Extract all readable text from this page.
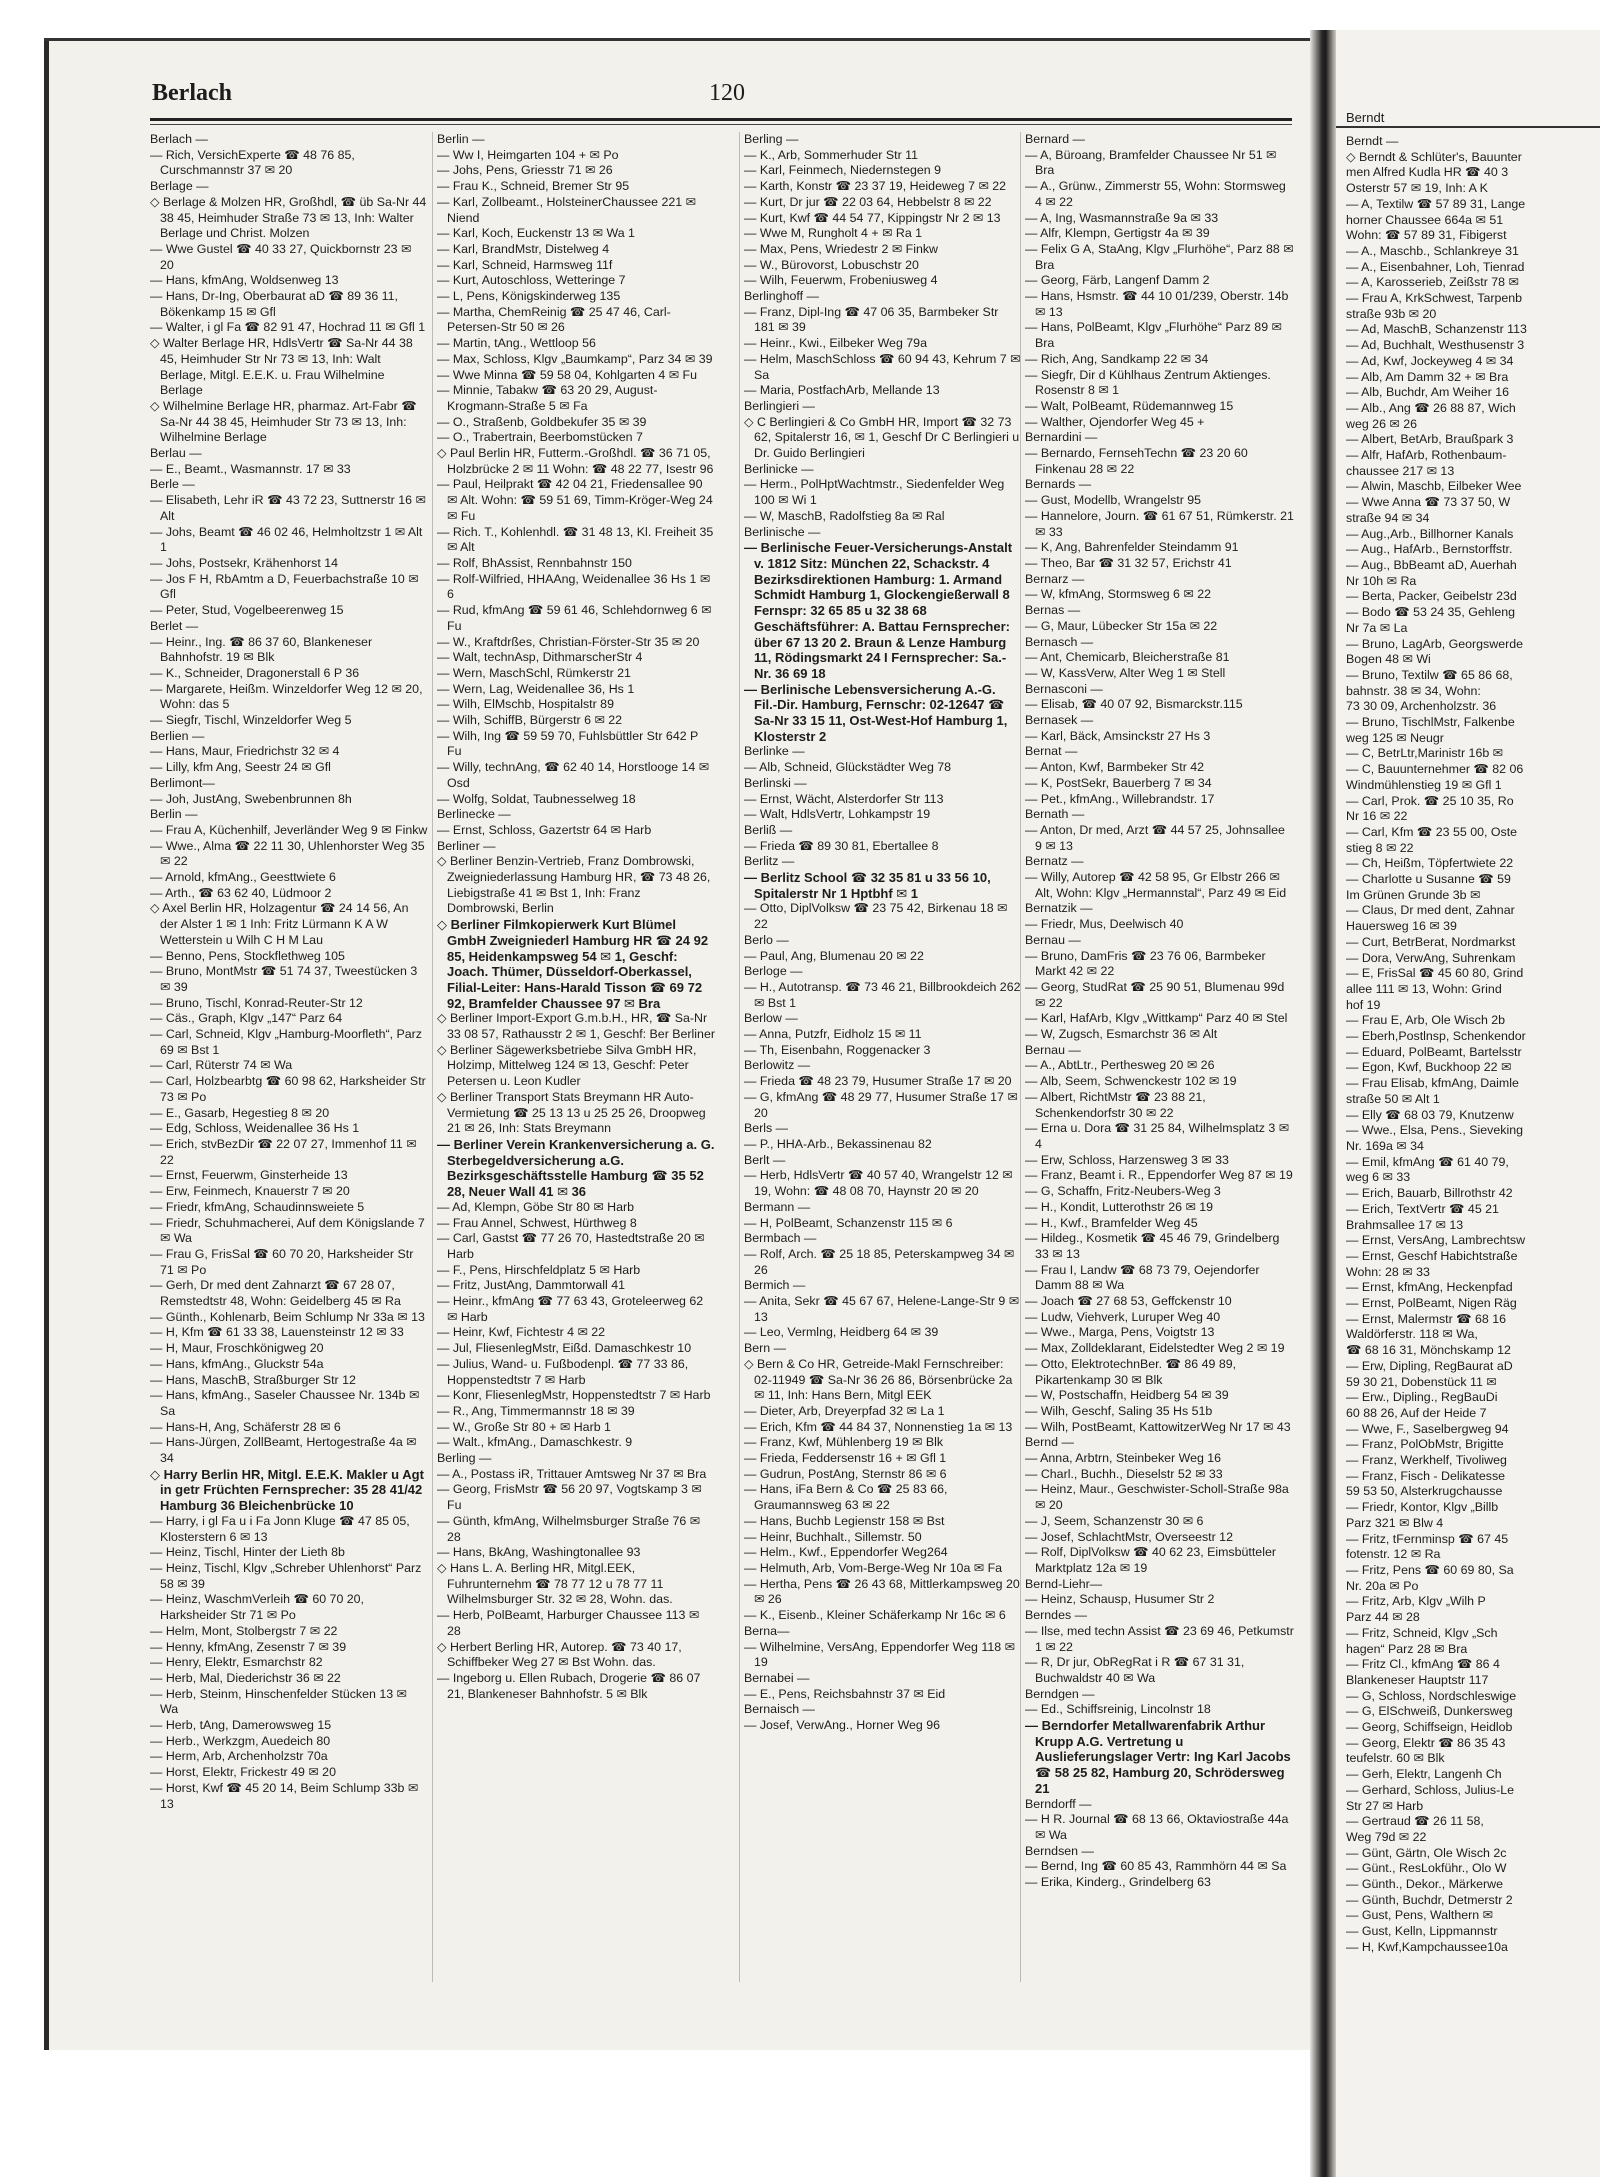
Berlach	120

Berlach —

— Rich, VersichExperte ☎ 48 76 85, Curschmannstr 37 ✉ 20

Berlage —

◇ Berlage & Molzen HR, Großhdl, ☎ üb Sa-Nr 44 38 45, Heimhuder Straße 73 ✉ 13, Inh: Walter Berlage und Christ. Molzen

— Wwe Gustel ☎ 40 33 27, Quickbornstr 23 ✉ 20

— Hans, kfmAng, Woldsenweg 13

— Hans, Dr-Ing, Oberbaurat aD ☎ 89 36 11, Bökenkamp 15 ✉ Gfl

— Walter, i gl Fa ☎ 82 91 47, Hochrad 11 ✉ Gfl 1

◇ Walter Berlage HR, HdlsVertr ☎ Sa-Nr 44 38 45, Heimhuder Str Nr 73 ✉ 13, Inh: Walt Berlage, Mitgl. E.E.K. u. Frau Wilhelmine Berlage

◇ Wilhelmine Berlage HR, pharmaz. Art-Fabr ☎ Sa-Nr 44 38 45, Heimhuder Str 73 ✉ 13, Inh: Wilhelmine Berlage

Berlau —

— E., Beamt., Wasmannstr. 17 ✉ 33

Berle —

— Elisabeth, Lehr iR ☎ 43 72 23, Suttnerstr 16 ✉ Alt

— Johs, Beamt ☎ 46 02 46, Helmholtzstr 1 ✉ Alt 1

— Johs, Postsekr, Krähenhorst 14

— Jos F H, RbAmtm a D, Feuerbachstraße 10 ✉ Gfl

— Peter, Stud, Vogelbeerenweg 15

Berlet —

— Heinr., Ing. ☎ 86 37 60, Blankeneser Bahnhofstr. 19 ✉ Blk

— K., Schneider, Dragonerstall 6 P 36

— Margarete, Heißm. Winzeldorfer Weg 12 ✉ 20, Wohn: das 5

— Siegfr, Tischl, Winzeldorfer Weg 5

Berlien —

— Hans, Maur, Friedrichstr 32 ✉ 4

— Lilly, kfm Ang, Seestr 24 ✉ Gfl

Berlimont—

— Joh, JustAng, Swebenbrunnen 8h

Berlin —

— Frau A, Küchenhilf, Jeverländer Weg 9 ✉ Finkw

— Wwe., Alma ☎ 22 11 30, Uhlenhorster Weg 35 ✉ 22

— Arnold, kfmAng., Geesttwiete 6

— Arth., ☎ 63 62 40, Lüdmoor 2

◇ Axel Berlin HR, Holzagentur ☎ 24 14 56, An der Alster 1 ✉ 1 Inh: Fritz Lürmann K A W Wetterstein u Wilh C H M Lau

— Benno, Pens, Stockflethweg 105

— Bruno, MontMstr ☎ 51 74 37, Tweestücken 3 ✉ 39

— Bruno, Tischl, Konrad-Reuter-Str 12

— Cäs., Graph, Klgv „147“ Parz 64

— Carl, Schneid, Klgv „Hamburg-Moorfleth“, Parz 69 ✉ Bst 1

— Carl, Rüterstr 74 ✉ Wa

— Carl, Holzbearbtg ☎ 60 98 62, Harksheider Str 73 ✉ Po

— E., Gasarb, Hegestieg 8 ✉ 20

— Edg, Schloss, Weidenallee 36 Hs 1

— Erich, stvBezDir ☎ 22 07 27, Immenhof 11 ✉ 22

— Ernst, Feuerwm, Ginsterheide 13

— Erw, Feinmech, Knauerstr 7 ✉ 20

— Friedr, kfmAng, Schaudinnsweiete 5

— Friedr, Schuhmacherei, Auf dem Königslande 7 ✉ Wa

— Frau G, FrisSal ☎ 60 70 20, Harksheider Str 71 ✉ Po

— Gerh, Dr med dent Zahnarzt ☎ 67 28 07, Remstedtstr 48, Wohn: Geidelberg 45 ✉ Ra

— Günth., Kohlenarb, Beim Schlump Nr 33a ✉ 13

— H, Kfm ☎ 61 33 38, Lauensteinstr 12 ✉ 33

— H, Maur, Froschkönigweg 20

— Hans, kfmAng., Gluckstr 54a

— Hans, MaschB, Straßburger Str 12

— Hans, kfmAng., Saseler Chaussee Nr. 134b ✉ Sa

— Hans-H, Ang, Schäferstr 28 ✉ 6

— Hans-Jürgen, ZollBeamt, Hertogestraße 4a ✉ 34

◇ Harry Berlin HR, Mitgl. E.E.K. Makler u Agt in getr Früchten Fernsprecher: 35 28 41/42 Hamburg 36 Bleichenbrücke 10

— Harry, i gl Fa u i Fa Jonn Kluge ☎ 47 85 05, Klosterstern 6 ✉ 13

— Heinz, Tischl, Hinter der Lieth 8b

— Heinz, Tischl, Klgv „Schreber Uhlenhorst“ Parz 58 ✉ 39

— Heinz, WaschmVerleih ☎ 60 70 20, Harksheider Str 71 ✉ Po

— Helm, Mont, Stolbergstr 7 ✉ 22

— Henny, kfmAng, Zesenstr 7 ✉ 39

— Henry, Elektr, Esmarchstr 82

— Herb, Mal, Diederichstr 36 ✉ 22

— Herb, Steinm, Hinschenfelder Stücken 13 ✉ Wa

— Herb, tAng, Damerowsweg 15

— Herb., Werkzgm, Auedeich 80

— Herm, Arb, Archenholzstr 70a

— Horst, Elektr, Frickestr 49 ✉ 20

— Horst, Kwf ☎ 45 20 14, Beim Schlump 33b ✉ 13

Berlin —

— Ww I, Heimgarten 104 + ✉ Po

— Johs, Pens, Griesstr 71 ✉ 26

— Frau K., Schneid, Bremer Str 95

— Karl, Zollbeamt., HolsteinerChaussee 221 ✉ Niend

— Karl, Koch, Euckenstr 13 ✉ Wa 1

— Karl, BrandMstr, Distelweg 4

— Karl, Schneid, Harmsweg 11f

— Kurt, Autoschloss, Wetteringe 7

— L, Pens, Königskinderweg 135

— Martha, ChemReinig ☎ 25 47 46, Carl-Petersen-Str 50 ✉ 26

— Martin, tAng., Wettloop 56

— Max, Schloss, Klgv „Baumkamp“, Parz 34 ✉ 39

— Wwe Minna ☎ 59 58 04, Kohlgarten 4 ✉ Fu

— Minnie, Tabakw ☎ 63 20 29, August-Krogmann-Straße 5 ✉ Fa

— O., Straßenb, Goldbekufer 35 ✉ 39

— O., Trabertrain, Beerbomstücken 7

◇ Paul Berlin HR, Futterm.-Großhdl. ☎ 36 71 05, Holzbrücke 2 ✉ 11 Wohn: ☎ 48 22 77, Isestr 96

— Paul, Heilprakt ☎ 42 04 21, Friedensallee 90 ✉ Alt. Wohn: ☎ 59 51 69, Timm-Kröger-Weg 24 ✉ Fu

— Rich. T., Kohlenhdl. ☎ 31 48 13, Kl. Freiheit 35 ✉ Alt

— Rolf, BhAssist, Rennbahnstr 150

— Rolf-Wilfried, HHAAng, Weidenallee 36 Hs 1 ✉ 6

— Rud, kfmAng ☎ 59 61 46, Schlehdornweg 6 ✉ Fu

— W., Kraftdrßes, Christian-Förster-Str 35 ✉ 20

— Walt, technAsp, DithmarscherStr 4

— Wern, MaschSchl, Rümkerstr 21

— Wern, Lag, Weidenallee 36, Hs 1

— Wilh, ElMschb, Hospitalstr 89

— Wilh, SchiffB, Bürgerstr 6 ✉ 22

— Wilh, Ing ☎ 59 59 70, Fuhlsbüttler Str 642 P Fu

— Willy, technAng, ☎ 62 40 14, Horstlooge 14 ✉ Osd

— Wolfg, Soldat, Taubnesselweg 18

Berlinecke —

— Ernst, Schloss, Gazertstr 64 ✉ Harb

Berliner —

◇ Berliner Benzin-Vertrieb, Franz Dombrowski, Zweigniederlassung Hamburg HR, ☎ 73 48 26, Liebigstraße 41 ✉ Bst 1, Inh: Franz Dombrowski, Berlin

◇ Berliner Filmkopierwerk Kurt Blümel GmbH Zweigniederl Hamburg HR ☎ 24 92 85, Heidenkampsweg 54 ✉ 1, Geschf: Joach. Thümer, Düsseldorf-Oberkassel, Filial-Leiter: Hans-Harald Tisson ☎ 69 72 92, Bramfelder Chaussee 97 ✉ Bra

◇ Berliner Import-Export G.m.b.H., HR, ☎ Sa-Nr 33 08 57, Rathausstr 2 ✉ 1, Geschf: Ber Berliner

◇ Berliner Sägewerksbetriebe Silva GmbH HR, Holzimp, Mittelweg 124 ✉ 13, Geschf: Peter Petersen u. Leon Kudler

◇ Berliner Transport Stats Breymann HR Auto-Vermietung ☎ 25 13 13 u 25 25 26, Droopweg 21 ✉ 26, Inh: Stats Breymann

— Berliner Verein Krankenversicherung a. G. Sterbegeldversicherung a.G. Bezirksgeschäftsstelle Hamburg ☎ 35 52 28, Neuer Wall 41 ✉ 36

— Ad, Klempn, Göbe Str 80 ✉ Harb

— Frau Annel, Schwest, Hürthweg 8

— Carl, Gastst ☎ 77 26 70, Hastedtstraße 20 ✉ Harb

— F., Pens, Hirschfeldplatz 5 ✉ Harb

— Fritz, JustAng, Dammtorwall 41

— Heinr., kfmAng ☎ 77 63 43, Groteleerweg 62 ✉ Harb

— Heinr, Kwf, Fichtestr 4 ✉ 22

— Jul, FliesenlegMstr, Eißd. Damaschkestr 10

— Julius, Wand- u. Fußbodenpl. ☎ 77 33 86, Hoppenstedtstr 7 ✉ Harb

— Konr, FliesenlegMstr, Hoppenstedtstr 7 ✉ Harb

— R., Ang, Timmermannstr 18 ✉ 39

— W., Große Str 80 + ✉ Harb 1

— Walt., kfmAng., Damaschkestr. 9

Berling —

— A., Postass iR, Trittauer Amtsweg Nr 37 ✉ Bra

— Georg, FrisMstr ☎ 56 20 97, Vogtskamp 3 ✉ Fu

— Günth, kfmAng, Wilhelmsburger Straße 76 ✉ 28

— Hans, BkAng, Washingtonallee 93

◇ Hans L. A. Berling HR, Mitgl.EEK, Fuhrunternehm ☎ 78 77 12 u 78 77 11 Wilhelmsburger Str. 32 ✉ 28, Wohn. das.

— Herb, PolBeamt, Harburger Chaussee 113 ✉ 28

◇ Herbert Berling HR, Autorep. ☎ 73 40 17, Schiffbeker Weg 27 ✉ Bst Wohn. das.

— Ingeborg u. Ellen Rubach, Drogerie ☎ 86 07 21, Blankeneser Bahnhofstr. 5 ✉ Blk

Berling —

— K., Arb, Sommerhuder Str 11

— Karl, Feinmech, Niedernstegen 9

— Karth, Konstr ☎ 23 37 19, Heideweg 7 ✉ 22

— Kurt, Dr jur ☎ 22 03 64, Hebbelstr 8 ✉ 22

— Kurt, Kwf ☎ 44 54 77, Kippingstr Nr 2 ✉ 13

— Wwe M, Rungholt 4 + ✉ Ra 1

— Max, Pens, Wriedestr 2 ✉ Finkw

— W., Bürovorst, Lobuschstr 20

— Wilh, Feuerwm, Frobeniusweg 4

Berlinghoff —

— Franz, Dipl-Ing ☎ 47 06 35, Barmbeker Str 181 ✉ 39

— Heinr., Kwi., Eilbeker Weg 79a

— Helm, MaschSchloss ☎ 60 94 43, Kehrum 7 ✉ Sa

— Maria, PostfachArb, Mellande 13

Berlingieri —

◇ C Berlingieri & Co GmbH HR, Import ☎ 32 73 62, Spitalerstr 16, ✉ 1, Geschf Dr C Berlingieri u Dr. Guido Berlingieri

Berlinicke —

— Herm., PolHptWachtmstr., Siedenfelder Weg 100 ✉ Wi 1

— W, MaschB, Radolfstieg 8a ✉ Ral

Berlinische —

— Berlinische Feuer-Versicherungs-Anstalt v. 1812 Sitz: München 22, Schackstr. 4 Bezirksdirektionen Hamburg: 1. Armand Schmidt Hamburg 1, Glockengießerwall 8 Fernspr: 32 65 85 u 32 38 68 Geschäftsführer: A. Battau Fernsprecher: über 67 13 20 2. Braun & Lenze Hamburg 11, Rödingsmarkt 24 I Fernsprecher: Sa.-Nr. 36 69 18

— Berlinische Lebensversicherung A.-G. Fil.-Dir. Hamburg, Fernschr: 02-12647 ☎ Sa-Nr 33 15 11, Ost-West-Hof Hamburg 1, Klosterstr 2

Berlinke —

— Alb, Schneid, Glückstädter Weg 78

Berlinski —

— Ernst, Wächt, Alsterdorfer Str 113

— Walt, HdlsVertr, Lohkampstr 19

Berliß —

— Frieda ☎ 89 30 81, Ebertallee 8

Berlitz —

— Berlitz School ☎ 32 35 81 u 33 56 10, Spitalerstr Nr 1 Hptbhf ✉ 1

— Otto, DiplVolksw ☎ 23 75 42, Birkenau 18 ✉ 22

Berlo —

— Paul, Ang, Blumenau 20 ✉ 22

Berloge —

— H., Autotransp. ☎ 73 46 21, Billbrookdeich 262 ✉ Bst 1

Berlow —

— Anna, Putzfr, Eidholz 15 ✉ 11

— Th, Eisenbahn, Roggenacker 3

Berlowitz —

— Frieda ☎ 48 23 79, Husumer Straße 17 ✉ 20

— G, kfmAng ☎ 48 29 77, Husumer Straße 17 ✉ 20

Berls —

— P., HHA-Arb., Bekassinenau 82

Berlt —

— Herb, HdlsVertr ☎ 40 57 40, Wrangelstr 12 ✉ 19, Wohn: ☎ 48 08 70, Haynstr 20 ✉ 20

Bermann —

— H, PolBeamt, Schanzenstr 115 ✉ 6

Bermbach —

— Rolf, Arch. ☎ 25 18 85, Peterskampweg 34 ✉ 26

Bermich —

— Anita, Sekr ☎ 45 67 67, Helene-Lange-Str 9 ✉ 13

— Leo, Vermlng, Heidberg 64 ✉ 39

Bern —

◇ Bern & Co HR, Getreide-Makl Fernschreiber: 02-11949 ☎ Sa-Nr 36 26 86, Börsenbrücke 2a ✉ 11, Inh: Hans Bern, Mitgl EEK

— Dieter, Arb, Dreyerpfad 32 ✉ La 1

— Erich, Kfm ☎ 44 84 37, Nonnenstieg 1a ✉ 13

— Franz, Kwf, Mühlenberg 19 ✉ Blk

— Frieda, Feddersenstr 16 + ✉ Gfl 1

— Gudrun, PostAng, Sternstr 86 ✉ 6

— Hans, iFa Bern & Co ☎ 25 83 66, Graumannsweg 63 ✉ 22

— Hans, Buchb Legienstr 158 ✉ Bst

— Heinr, Buchhalt., Sillemstr. 50

— Helm., Kwf., Eppendorfer Weg264

— Helmuth, Arb, Vom-Berge-Weg Nr 10a ✉ Fa

— Hertha, Pens ☎ 26 43 68, Mittlerkampsweg 20 ✉ 26

— K., Eisenb., Kleiner Schäferkamp Nr 16c ✉ 6

Berna—

— Wilhelmine, VersAng, Eppendorfer Weg 118 ✉ 19

Bernabei —

— E., Pens, Reichsbahnstr 37 ✉ Eid

Bernaisch —

— Josef, VerwAng., Horner Weg 96

Bernard —

— A, Büroang, Bramfelder Chaussee Nr 51 ✉ Bra

— A., Grünw., Zimmerstr 55, Wohn: Stormsweg 4 ✉ 22

— A, Ing, Wasmannstraße 9a ✉ 33

— Alfr, Klempn, Gertigstr 4a ✉ 39

— Felix G A, StaAng, Klgv „Flurhöhe“, Parz 88 ✉ Bra

— Georg, Färb, Langenf Damm 2

— Hans, Hsmstr. ☎ 44 10 01/239, Oberstr. 14b ✉ 13

— Hans, PolBeamt, Klgv „Flurhöhe“ Parz 89 ✉ Bra

— Rich, Ang, Sandkamp 22 ✉ 34

— Siegfr, Dir d Kühlhaus Zentrum Aktienges. Rosenstr 8 ✉ 1

— Walt, PolBeamt, Rüdemannweg 15

— Walther, Ojendorfer Weg 45 +

Bernardini —

— Bernardo, FernsehTechn ☎ 23 20 60 Finkenau 28 ✉ 22

Bernards —

— Gust, Modellb, Wrangelstr 95

— Hannelore, Journ. ☎ 61 67 51, Rümkerstr. 21 ✉ 33

— K, Ang, Bahrenfelder Steindamm 91

— Theo, Bar ☎ 31 32 57, Erichstr 41

Bernarz —

— W, kfmAng, Stormsweg 6 ✉ 22

Bernas —

— G, Maur, Lübecker Str 15a ✉ 22

Bernasch —

— Ant, Chemicarb, Bleicherstraße 81

— W, KassVerw, Alter Weg 1 ✉ Stell

Bernasconi —

— Elisab, ☎ 40 07 92, Bismarckstr.115

Bernasek —

— Karl, Bäck, Amsinckstr 27 Hs 3

Bernat —

— Anton, Kwf, Barmbeker Str 42

— K, PostSekr, Bauerberg 7 ✉ 34

— Pet., kfmAng., Willebrandstr. 17

Bernath —

— Anton, Dr med, Arzt ☎ 44 57 25, Johnsallee 9 ✉ 13

Bernatz —

— Willy, Autorep ☎ 42 58 95, Gr Elbstr 266 ✉ Alt, Wohn: Klgv „Hermannstal“, Parz 49 ✉ Eid

Bernatzik —

— Friedr, Mus, Deelwisch 40

Bernau —

— Bruno, DamFris ☎ 23 76 06, Barmbeker Markt 42 ✉ 22

— Georg, StudRat ☎ 25 90 51, Blumenau 99d ✉ 22

— Karl, HafArb, Klgv „Wittkamp“ Parz 40 ✉ Stel

— W, Zugsch, Esmarchstr 36 ✉ Alt

Bernau —

— A., AbtLtr., Perthesweg 20 ✉ 26

— Alb, Seem, Schwenckestr 102 ✉ 19

— Albert, RichtMstr ☎ 23 88 21, Schenkendorfstr 30 ✉ 22

— Erna u. Dora ☎ 31 25 84, Wilhelmsplatz 3 ✉ 4

— Erw, Schloss, Harzensweg 3 ✉ 33

— Franz, Beamt i. R., Eppendorfer Weg 87 ✉ 19

— G, Schaffn, Fritz-Neubers-Weg 3

— H., Kondit, Lutterothstr 26 ✉ 19

— H., Kwf., Bramfelder Weg 45

— Hildeg., Kosmetik ☎ 45 46 79, Grindelberg 33 ✉ 13

— Frau I, Landw ☎ 68 73 79, Oejendorfer Damm 88 ✉ Wa

— Joach ☎ 27 68 53, Geffckenstr 10

— Ludw, Viehverk, Luruper Weg 40

— Wwe., Marga, Pens, Voigtstr 13

— Max, Zolldeklarant, Eidelstedter Weg 2 ✉ 19

— Otto, ElektrotechnBer. ☎ 86 49 89, Pikartenkamp 30 ✉ Blk

— W, Postschaffn, Heidberg 54 ✉ 39

— Wilh, Geschf, Saling 35 Hs 51b

— Wilh, PostBeamt, KattowitzerWeg Nr 17 ✉ 43

Bernd —

— Anna, Arbtrn, Steinbeker Weg 16

— Charl., Buchh., Dieselstr 52 ✉ 33

— Heinz, Maur., Geschwister-Scholl-Straße 98a ✉ 20

— J, Seem, Schanzenstr 30 ✉ 6

— Josef, SchlachtMstr, Overseestr 12

— Rolf, DiplVolksw ☎ 40 62 23, Eimsbütteler Marktplatz 12a ✉ 19

Bernd-Liehr—

— Heinz, Schausp, Husumer Str 2

Berndes —

— Ilse, med techn Assist ☎ 23 69 46, Petkumstr 1 ✉ 22

— R, Dr jur, ObRegRat i R ☎ 67 31 31, Buchwaldstr 40 ✉ Wa

Berndgen —

— Ed., Schiffsreinig, Lincolnstr 18

— Berndorfer Metallwarenfabrik Arthur Krupp A.G. Vertretung u Auslieferungslager Vertr: Ing Karl Jacobs ☎ 58 25 82, Hamburg 20, Schrödersweg 21

Berndorff —

— H R. Journal ☎ 68 13 66, Oktaviostraße 44a ✉ Wa

Berndsen —

— Bernd, Ing ☎ 60 85 43, Rammhörn 44 ✉ Sa

— Erika, Kinderg., Grindelberg 63

Berndt

Berndt —

◇ Berndt & Schlüter's, Bauunter

men Alfred Kudla HR ☎ 40 3

Osterstr 57 ✉ 19, Inh: A K

— A, Textilw ☎ 57 89 31, Lange

horner Chaussee 664a ✉ 51

Wohn: ☎ 57 89 31, Fibigerst

— A., Maschb., Schlankreye 31

— A., Eisenbahner, Loh, Tienrad

— A, Karosserieb, Zeißstr 78 ✉

— Frau A, KrkSchwest, Tarpenb

straße 93b ✉ 20

— Ad, MaschB, Schanzenstr 113

— Ad, Buchhalt, Westhusenstr 3

— Ad, Kwf, Jockeyweg 4 ✉ 34

— Alb, Am Damm 32 + ✉ Bra

— Alb, Buchdr, Am Weiher 16

— Alb., Ang ☎ 26 88 87, Wich

weg 26 ✉ 26

— Albert, BetArb, Braußpark 3

— Alfr, HafArb, Rothenbaum-

chaussee 217 ✉ 13

— Alwin, Maschb, Eilbeker Wee

— Wwe Anna ☎ 73 37 50, W

straße 94 ✉ 34

— Aug.,Arb., Billhorner Kanals

— Aug., HafArb., Bernstorffstr.

— Aug., BbBeamt aD, Auerhah

Nr 10h ✉ Ra

— Berta, Packer, Geibelstr 23d

— Bodo ☎ 53 24 35, Gehleng

Nr 7a ✉ La

— Bruno, LagArb, Georgswerde

Bogen 48 ✉ Wi

— Bruno, Textilw ☎ 65 86 68,

bahnstr. 38 ✉ 34, Wohn:

73 30 09, Archenholzstr. 36

— Bruno, TischlMstr, Falkenbe

weg 125 ✉ Neugr

— C, BetrLtr,Marinistr 16b ✉

— C, Bauunternehmer ☎ 82 06

Windmühlenstieg 19 ✉ Gfl 1

— Carl, Prok. ☎ 25 10 35, Ro

Nr 16 ✉ 22

— Carl, Kfm ☎ 23 55 00, Oste

stieg 8 ✉ 22

— Ch, Heißm, Töpfertwiete 22

— Charlotte u Susanne ☎ 59

Im Grünen Grunde 3b ✉

— Claus, Dr med dent, Zahnar

Hauersweg 16 ✉ 39

— Curt, BetrBerat, Nordmarkst

— Dora, VerwAng, Suhrenkam

— E, FrisSal ☎ 45 60 80, Grind

allee 111 ✉ 13, Wohn: Grind

hof 19

— Frau E, Arb, Ole Wisch 2b

— Eberh,Postlnsp, Schenkendor

— Eduard, PolBeamt, Bartelsstr

— Egon, Kwf, Buckhoop 22 ✉

— Frau Elisab, kfmAng, Daimle

straße 50 ✉ Alt 1

— Elly ☎ 68 03 79, Knutzenw

— Wwe., Elsa, Pens., Sieveking

Nr. 169a ✉ 34

— Emil, kfmAng ☎ 61 40 79,

weg 6 ✉ 33

— Erich, Bauarb, Billrothstr 42

— Erich, TextVertr ☎ 45 21

Brahmsallee 17 ✉ 13

— Ernst, VersAng, Lambrechtsw

— Ernst, Geschf Habichtstraße

Wohn: 28 ✉ 33

— Ernst, kfmAng, Heckenpfad

— Ernst, PolBeamt, Nigen Räg

— Ernst, Malermstr ☎ 68 16

Waldörferstr. 118 ✉ Wa,

☎ 68 16 31, Mönchskamp 12

— Erw, Dipling, RegBaurat aD

59 30 21, Dobenstück 11 ✉

— Erw., Dipling., RegBauDi

60 88 26, Auf der Heide 7

— Wwe, F., Saselbergweg 94

— Franz, PolObMstr, Brigitte

— Franz, Werkhelf, Tivoliweg

— Franz, Fisch - Delikatesse

59 53 50, Alsterkrugchausse

— Friedr, Kontor, Klgv „Billb

Parz 321 ✉ Blw 4

— Fritz, tFernminsp ☎ 67 45

fotenstr. 12 ✉ Ra

— Fritz, Pens ☎ 60 69 80, Sa

Nr. 20a ✉ Po

— Fritz, Arb, Klgv „Wilh P

Parz 44 ✉ 28

— Fritz, Schneid, Klgv „Sch

hagen“ Parz 28 ✉ Bra

— Fritz Cl., kfmAng ☎ 86 4

Blankeneser Hauptstr 117

— G, Schloss, Nordschleswige

— G, ElSchweiß, Dunkersweg

— Georg, Schiffseign, Heidlob

— Georg, Elektr ☎ 86 35 43

teufelstr. 60 ✉ Blk

— Gerh, Elektr, Langenh Ch

— Gerhard, Schloss, Julius-Le

Str 27 ✉ Harb

— Gertraud ☎ 26 11 58,

Weg 79d ✉ 22

— Günt, Gärtn, Ole Wisch 2c

— Günt., ResLokführ., Olo W

— Günth., Dekor., Märkerwe

— Günth, Buchdr, Detmerstr 2

— Gust, Pens, Walthern ✉

— Gust, Kelln, Lippmannstr

— H, Kwf,Kampchaussee10a
